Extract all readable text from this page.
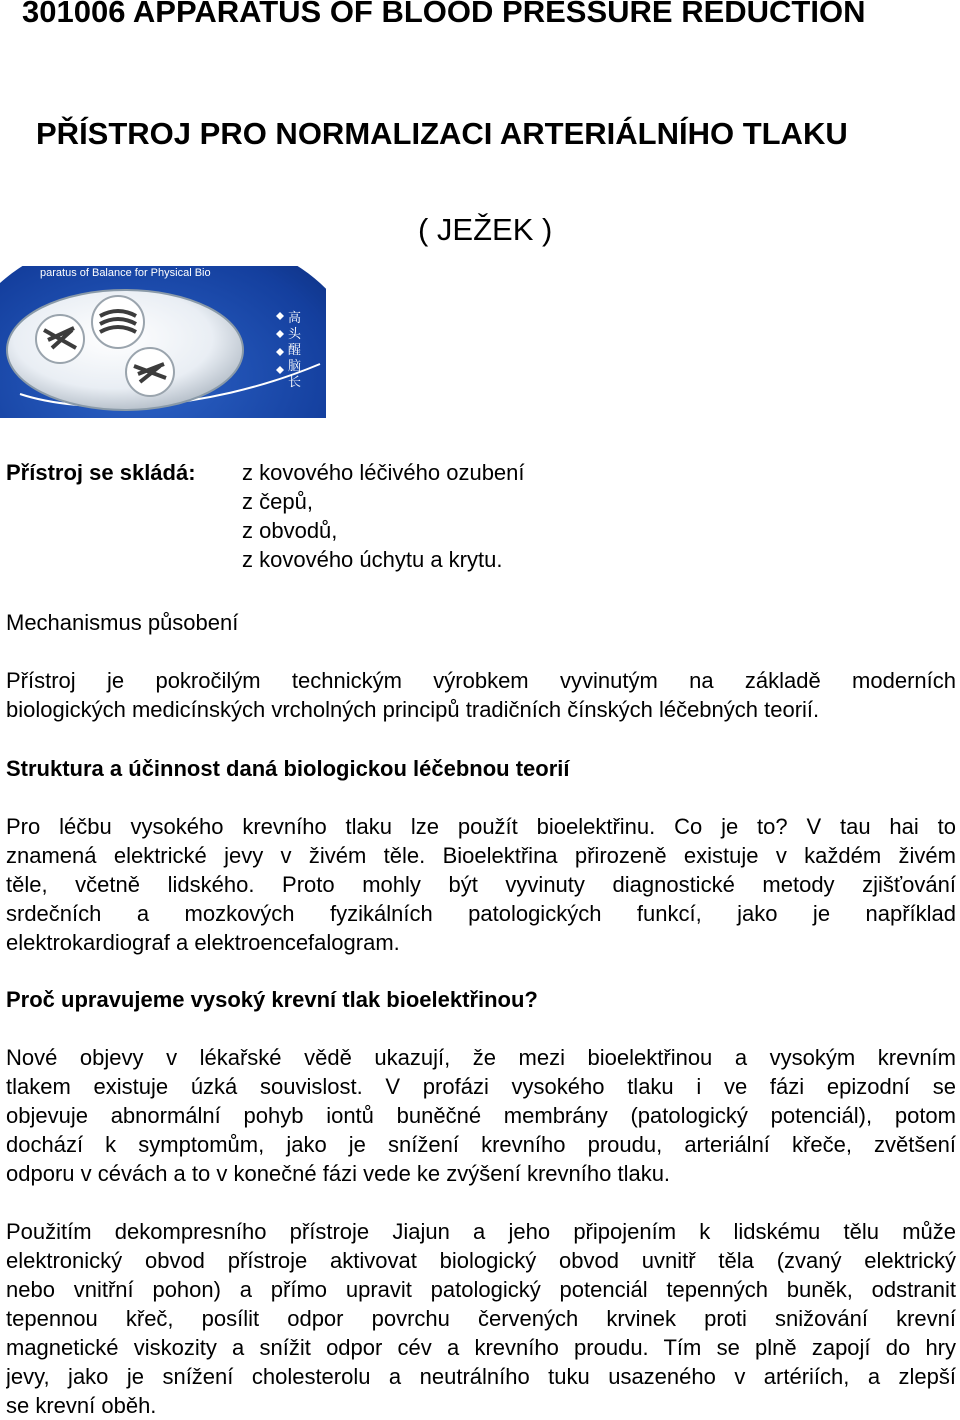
301006 APPARATUS OF BLOOD PRESSURE REDUCTION
PŘÍSTROJ PRO NORMALIZACI ARTERIÁLNÍHO TLAKU
( JEŽEK )
us of Blood Pre
paratus of Balance for Physical Bio
高
头
醒
脑
长
Přístroj se skládá: z kovového léčivého ozubení
z čepů,
z obvodů,
z kovového úchytu a krytu.
Mechanismus působení
Přístroj je pokročilým technickým výrobkem vyvinutým na základě moderních
biologických medicínských vrcholných principů tradičních čínských léčebných teorií.
Struktura a účinnost daná biologickou léčebnou teorií
Pro léčbu vysokého krevního tlaku lze použít bioelektřinu. Co je to? V tau hai to
znamená elektrické jevy v živém těle. Bioelektřina přirozeně existuje v každém živém
těle, včetně lidského. Proto mohly být vyvinuty diagnostické metody zjišťování
srdečních a mozkových fyzikálních patologických funkcí, jako je například
elektrokardiograf a elektroencefalogram.
Proč upravujeme vysoký krevní tlak bioelektřinou?
Nové objevy v lékařské vědě ukazují, že mezi bioelektřinou a vysokým krevním
tlakem existuje úzká souvislost. V profázi vysokého tlaku i ve fázi epizodní se
objevuje abnormální pohyb iontů buněčné membrány (patologický potenciál), potom
dochází k symptomům, jako je snížení krevního proudu, arteriální křeče, zvětšení
odporu v cévách a to v konečné fázi vede ke zvýšení krevního tlaku.
Použitím dekompresního přístroje Jiajun a jeho připojením k lidskému tělu může
elektronický obvod přístroje aktivovat biologický obvod uvnitř těla (zvaný elektrický
nebo vnitřní pohon) a přímo upravit patologický potenciál tepenných buněk, odstranit
tepennou křeč, posílit odpor povrchu červených krvinek proti snižování krevní
magnetické viskozity a snížit odpor cév a krevního proudu. Tím se plně zapojí do hry
jevy, jako je snížení cholesterolu a neutrálního tuku usazeného v artériích, a zlepší
se krevní oběh.
